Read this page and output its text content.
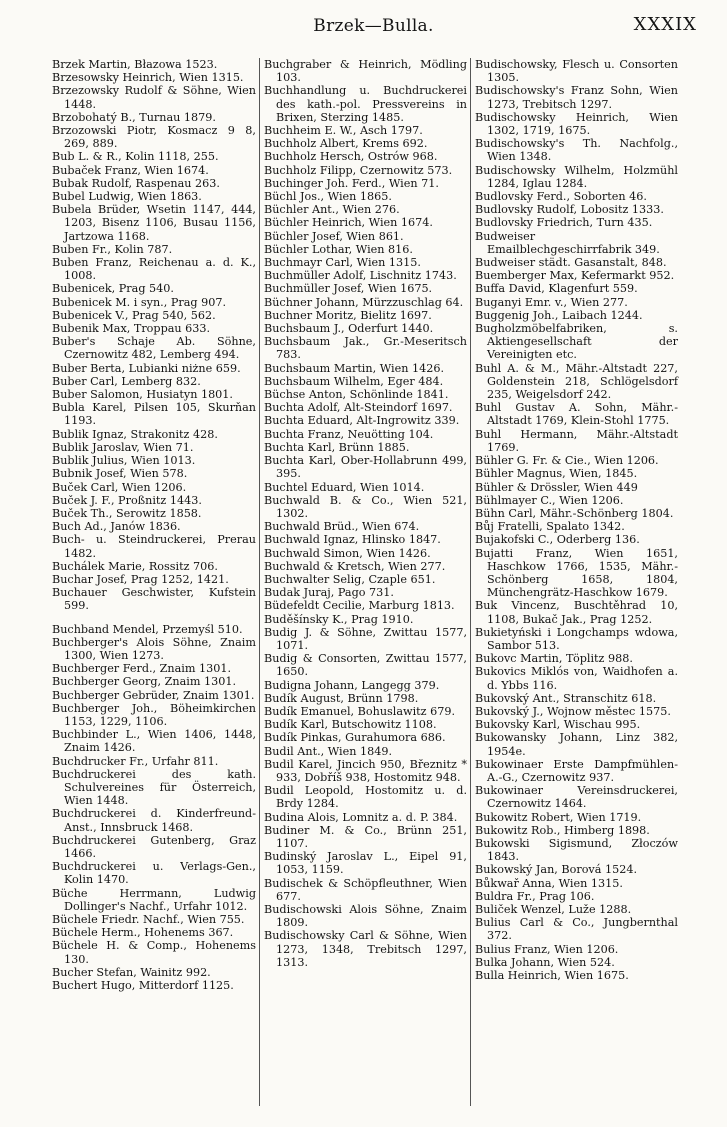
Brzek—Bulla.	XXXIX
Brzek Martin, Błazowa 1523.
Brzesowsky Heinrich, Wien 1315.
Brzezowsky Rudolf & Söhne, Wien 1448.
Brzobohatý B., Turnau 1879.
Brzozowski Piotr, Kosmacz 9 8, 269, 889.
Bub L. & R., Kolin 1118, 255.
Bubaček Franz, Wien 1674.
Bubak Rudolf, Raspenau 263.
Bubel Ludwig, Wien 1863.
Bubela Brüder, Wsetin 1147, 444, 1203, Bisenz 1106, Busau 1156, Jartzowa 1168.
Buben Fr., Kolin 787.
Buben Franz, Reichenau a. d. K., 1008.
Bubenicek, Prag 540.
Bubenicek M. i syn., Prag 907.
Bubenicek V., Prag 540, 562.
Bubenik Max, Troppau 633.
Buber's Schaje Ab. Söhne, Czernowitz 482, Lemberg 494.
Buber Berta, Lubianki niżne 659.
Buber Carl, Lemberg 832.
Buber Salomon, Husiatyn 1801.
Bubla Karel, Pilsen 105, Skurňan 1193.
Bublik Ignaz, Strakonitz 428.
Bublik Jaroslav, Wien 71.
Bublik Julius, Wien 1013.
Bubnik Josef, Wien 578.
Buček Carl, Wien 1206.
Buček J. F., Proßnitz 1443.
Buček Th., Serowitz 1858.
Buch Ad., Janów 1836.
Buch- u. Steindruckerei, Prerau 1482.
Buchálek Marie, Rossitz 706.
Buchar Josef, Prag 1252, 1421.
Buchauer Geschwister, Kufstein 599.
Buchband Mendel, Przemyśl 510.
Buchberger's Alois Söhne, Znaim 1300, Wien 1273.
Buchberger Ferd., Znaim 1301.
Buchberger Georg, Znaim 1301.
Buchberger Gebrüder, Znaim 1301.
Buchberger Joh., Böheimkirchen 1153, 1229, 1106.
Buchbinder L., Wien 1406, 1448, Znaim 1426.
Buchdrucker Fr., Urfahr 811.
Buchdruckerei des kath. Schulvereines für Österreich, Wien 1448.
Buchdruckerei d. Kinderfreund-Anst., Innsbruck 1468.
Buchdruckerei Gutenberg, Graz 1466.
Buchdruckerei u. Verlags-Gen., Kolin 1470.
Büche Herrmann, Ludwig Dollinger's Nachf., Urfahr 1012.
Büchele Friedr. Nachf., Wien 755.
Büchele Herm., Hohenems 367.
Büchele H. & Comp., Hohenems 130.
Bucher Stefan, Wainitz 992.
Buchert Hugo, Mitterdorf 1125.
Buchgraber & Heinrich, Mödling 103.
Buchhandlung u. Buchdruckerei des kath.-pol. Pressvereins in Brixen, Sterzing 1485.
Buchheim E. W., Asch 1797.
Buchholz Albert, Krems 692.
Buchholz Hersch, Ostrów 968.
Buchholz Filipp, Czernowitz 573.
Buchinger Joh. Ferd., Wien 71.
Büchl Jos., Wien 1865.
Büchler Ant., Wien 276.
Büchler Heinrich, Wien 1674.
Büchler Josef, Wien 861.
Büchler Lothar, Wien 816.
Buchmayr Carl, Wien 1315.
Buchmüller Adolf, Lischnitz 1743.
Buchmüller Josef, Wien 1675.
Büchner Johann, Mürzzuschlag 64.
Buchner Moritz, Bielitz 1697.
Buchsbaum J., Oderfurt 1440.
Buchsbaum Jak., Gr.-Meseritsch 783.
Buchsbaum Martin, Wien 1426.
Buchsbaum Wilhelm, Eger 484.
Büchse Anton, Schönlinde 1841.
Buchta Adolf, Alt-Steindorf 1697.
Buchta Eduard, Alt-Ingrowitz 339.
Buchta Franz, Neuötting 104.
Buchta Karl, Brünn 1885.
Buchta Karl, Ober-Hollabrunn 499, 395.
Buchtel Eduard, Wien 1014.
Buchwald B. & Co., Wien 521, 1302.
Buchwald Brüd., Wien 674.
Buchwald Ignaz, Hlinsko 1847.
Buchwald Simon, Wien 1426.
Buchwald & Kretsch, Wien 277.
Buchwalter Selig, Czaple 651.
Budak Juraj, Pago 731.
Büdefeldt Cecilie, Marburg 1813.
Buděšínsky K., Prag 1910.
Budig J. & Söhne, Zwittau 1577, 1071.
Budig & Consorten, Zwittau 1577, 1650.
Budigna Johann, Langegg 379.
Budík August, Brünn 1798.
Budík Emanuel, Bohuslawitz 679.
Budík Karl, Butschowitz 1108.
Budík Pinkas, Gurahumora 686.
Budil Ant., Wien 1849.
Budil Karel, Jincich 950, Březnitz * 933, Dobříš 938, Hostomitz 948.
Budil Leopold, Hostomitz u. d. Brdy 1284.
Budina Alois, Lomnitz a. d. P. 384.
Budiner M. & Co., Brünn 251, 1107.
Budinský Jaroslav L., Eipel 91, 1053, 1159.
Budischek & Schöpfleuthner, Wien 677.
Budischowski Alois Söhne, Znaim 1809.
Budischowsky Carl & Söhne, Wien 1273, 1348, Trebitsch 1297, 1313.
Budischowsky, Flesch u. Consorten 1305.
Budischowsky's Franz Sohn, Wien 1273, Trebitsch 1297.
Budischowsky Heinrich, Wien 1302, 1719, 1675.
Budischowsky's Th. Nachfolg., Wien 1348.
Budischowsky Wilhelm, Holzmühl 1284, Iglau 1284.
Budlovsky Ferd., Soborten 46.
Budlovsky Rudolf, Lobositz 1333.
Budlovsky Friedrich, Turn 435.
Budweiser Emailblechgeschirrfabrik 349.
Budweiser städt. Gasanstalt, 848.
Buemberger Max, Kefermarkt 952.
Buffa David, Klagenfurt 559.
Buganyi Emr. v., Wien 277.
Buggenig Joh., Laibach 1244.
Bugholzmöbelfabriken, s. Aktiengesellschaft der Vereinigten etc.
Buhl A. & M., Mähr.-Altstadt 227, Goldenstein 218, Schlögelsdorf 235, Weigelsdorf 242.
Buhl Gustav A. Sohn, Mähr.-Altstadt 1769, Klein-Stohl 1775.
Buhl Hermann, Mähr.-Altstadt 1769.
Bühler G. Fr. & Cie., Wien 1206.
Bühler Magnus, Wien, 1845.
Bühler & Drössler, Wien 449
Bühlmayer C., Wien 1206.
Bühn Carl, Mähr.-Schönberg 1804.
Bůj Fratelli, Spalato 1342.
Bujakofski C., Oderberg 136.
Bujatti Franz, Wien 1651, Haschkow 1766, 1535, Mähr.-Schönberg 1658, 1804, Münchengrätz-Haschkow 1679.
Buk Vincenz, Buschtěhrad 10, 1108, Bukač Jak., Prag 1252.
Bukietyński i Longchamps wdowa, Sambor 513.
Bukovc Martin, Töplitz 988.
Bukovics Miklós von, Waidhofen a. d. Ybbs 116.
Bukovský Ant., Stranschitz 618.
Bukovský J., Wojnow městec 1575.
Bukovsky Karl, Wischau 995.
Bukowansky Johann, Linz 382, 1954e.
Bukowinaer Erste Dampfmühlen-A.-G., Czernowitz 937.
Bukowinaer Vereinsdruckerei, Czernowitz 1464.
Bukowitz Robert, Wien 1719.
Bukowitz Rob., Himberg 1898.
Bukowski Sigismund, Złoczów 1843.
Bukowský Jan, Borová 1524.
Bůkwař Anna, Wien 1315.
Buldra Fr., Prag 106.
Buliček Wenzel, Luže 1288.
Bulius Carl & Co., Jungbernthal 372.
Bulius Franz, Wien 1206.
Bulka Johann, Wien 524.
Bulla Heinrich, Wien 1675.
